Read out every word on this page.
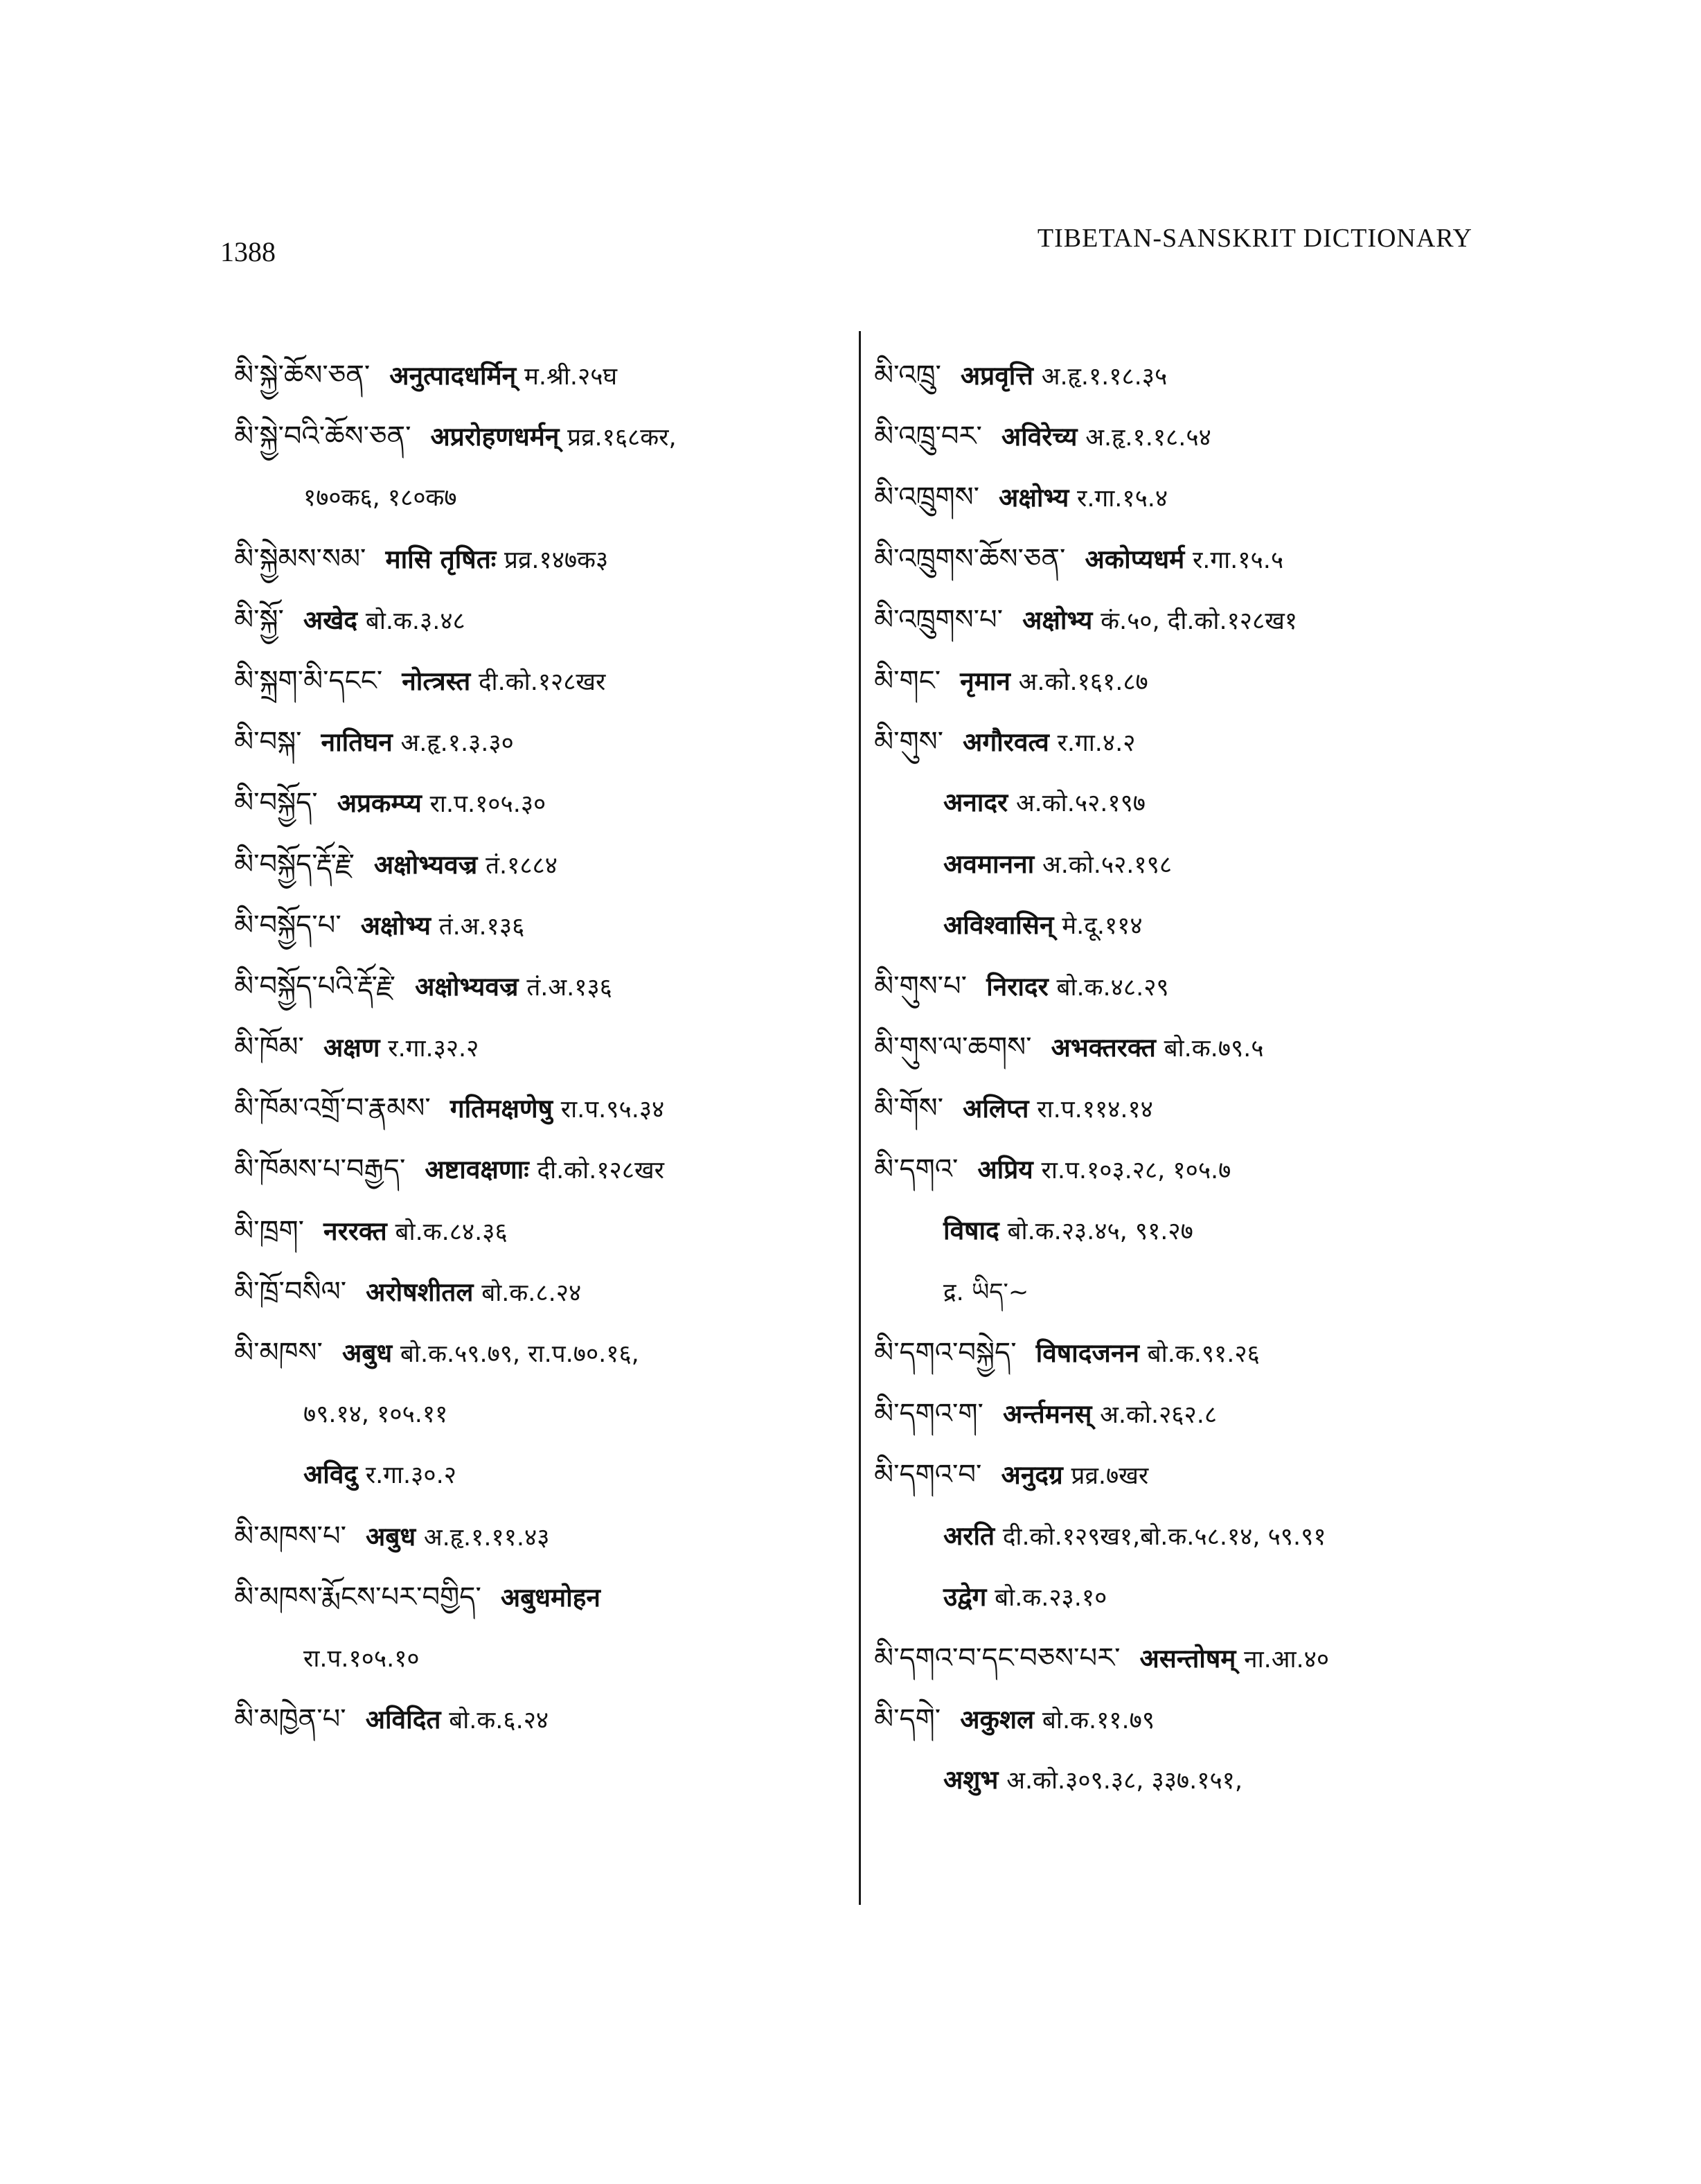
1388	TIBETAN-SANSKRIT DICTIONARY
མི་སྐྱེ་ཆོས་ཅན་ अनुत्पादधर्मिन् म.श्री.२५घ
མི་སྐྱེ་བའི་ཆོས་ཅན་ अप्ररोहणधर्मन् प्रव्र.१६८कर,
१७०क६, १८०क७
མི་སྐྱེམས་སམ་ मासि तृषितः प्रव्र.१४७क३
མི་སྐྱོ་ अखेद बो.क.३.४८
མི་སྐྲག་མི་དངང་ नोत्त्रस्त दी.को.१२८खर
མི་བསྐ་ नातिघन अ.हृ.१.३.३०
མི་བསྐྱོད་ अप्रकम्प्य रा.प.१०५.३०
མི་བསྐྱོད་རྡོ་རྗེ་ अक्षोभ्यवज्र तं.१८८४
མི་བསྐྱོད་པ་ अक्षोभ्य तं.अ.१३६
མི་བསྐྱོད་པའི་རྡོ་རྗེ་ अक्षोभ्यवज्र तं.अ.१३६
མི་ཁོམ་ अक्षण र.गा.३२.२
མི་ཁོམ་འགྲོ་བ་རྣམས་ गतिमक्षणेषु रा.प.९५.३४
མི་ཁོམས་པ་བརྒྱད་ अष्टावक्षणाः दी.को.१२८खर
མི་ཁྲག་ नररक्त बो.क.८४.३६
མི་ཁྲོ་བསིལ་ अरोषशीतल बो.क.८.२४
མི་མཁས་ अबुध बो.क.५९.७९, रा.प.७०.१६,
७९.१४, १०५.११
अविदु र.गा.३०.२
མི་མཁས་པ་ अबुध अ.हृ.१.११.४३
མི་མཁས་རྨོངས་པར་བགྱིད་ अबुधमोहन
रा.प.१०५.१०
མི་མཁྱེན་པ་ अविदित बो.क.६.२४
མི་འཁྲུ་ अप्रवृत्ति अ.हृ.१.१८.३५
མི་འཁྲུ་བར་ अविरेच्य अ.हृ.१.१८.५४
མི་འཁྲུགས་ अक्षोभ्य र.गा.१५.४
མི་འཁྲུགས་ཆོས་ཅན་ अकोप्यधर्म र.गा.१५.५
མི་འཁྲུགས་པ་ अक्षोभ्य कं.५०, दी.को.१२८ख१
མི་གང་ नृमान अ.को.१६१.८७
མི་གུས་ अगौरवत्व र.गा.४.२
अनादर अ.को.५२.१९७
अवमानना अ.को.५२.१९८
अविश्वासिन् मे.दू.११४
མི་གུས་པ་ निरादर बो.क.४८.२९
མི་གུས་ལ་ཆགས་ अभक्तरक्त बो.क.७९.५
མི་གོས་ अलिप्त रा.प.११४.१४
མི་དགའ་ अप्रिय रा.प.१०३.२८, १०५.७
विषाद बो.क.२३.४५, ९१.२७
द्र. ཡིད་~
མི་དགའ་བསྐྱེད་ विषादजनन बो.क.९१.२६
མི་དགའ་ག་ अर्न्तमनस् अ.को.२६२.८
མི་དགའ་བ་ अनुदग्र प्रव्र.७खर
अरति दी.को.१२९ख१,बो.क.५८.१४, ५९.९१
उद्वेग बो.क.२३.१०
མི་དགའ་བ་དང་བཅས་པར་ असन्तोषम् ना.आ.४०
མི་དགེ་ अकुशल बो.क.११.७९
अशुभ अ.को.३०९.३८, ३३७.१५१,
